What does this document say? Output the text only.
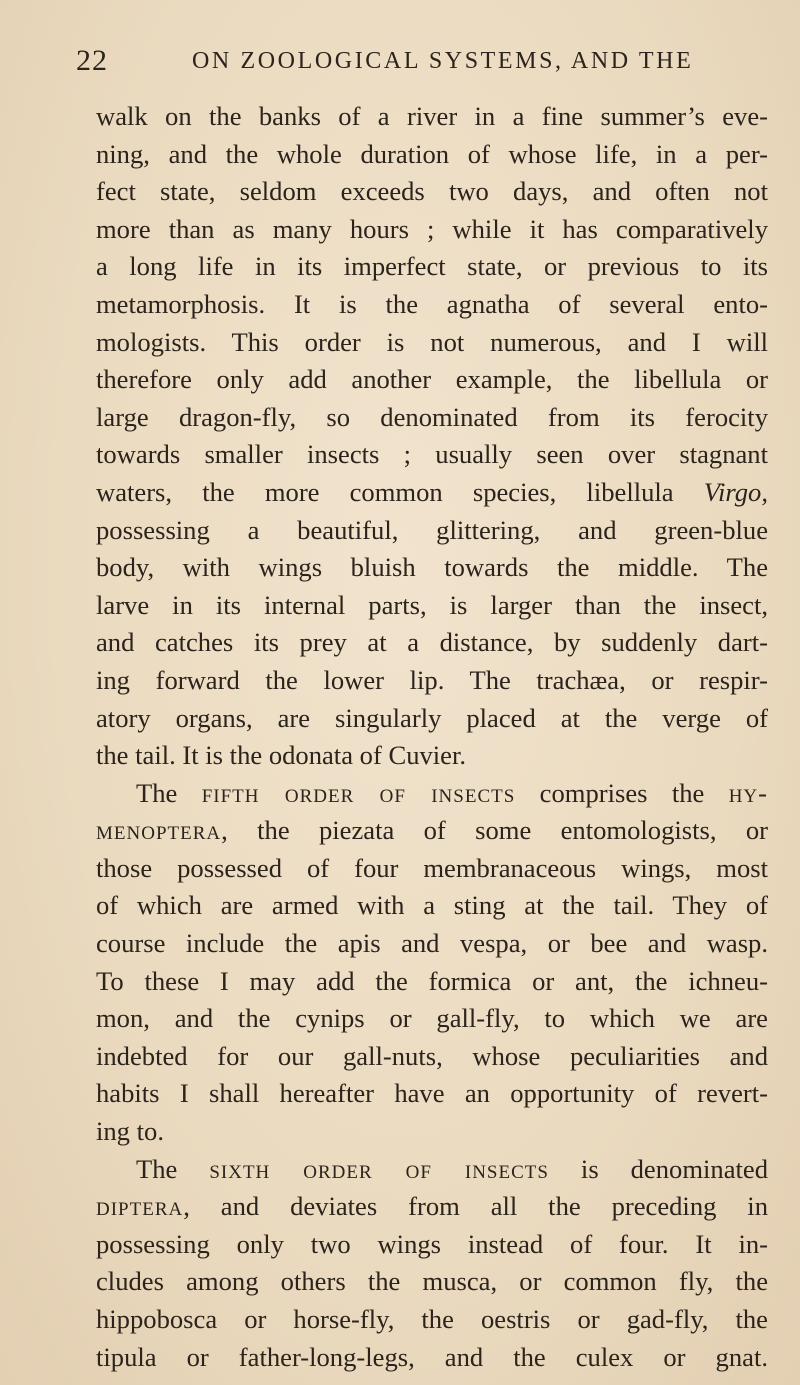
22	ON ZOOLOGICAL SYSTEMS, AND THE
walk on the banks of a river in a fine summer’s eve-
ning, and the whole duration of whose life, in a per-
fect state, seldom exceeds two days, and often not
more than as many hours ; while it has comparatively
a long life in its imperfect state, or previous to its
metamorphosis. It is the agnatha of several ento-
mologists. This order is not numerous, and I will
therefore only add another example, the libellula or
large dragon-fly, so denominated from its ferocity
towards smaller insects ; usually seen over stagnant
waters, the more common species, libellula Virgo,
possessing a beautiful, glittering, and green-blue
body, with wings bluish towards the middle. The
larve in its internal parts, is larger than the insect,
and catches its prey at a distance, by suddenly dart-
ing forward the lower lip. The trachæa, or respir-
atory organs, are singularly placed at the verge of
the tail. It is the odonata of Cuvier.
The fifth order of insects comprises the hy-
menoptera, the piezata of some entomologists, or
those possessed of four membranaceous wings, most
of which are armed with a sting at the tail. They of
course include the apis and vespa, or bee and wasp.
To these I may add the formica or ant, the ichneu-
mon, and the cynips or gall-fly, to which we are
indebted for our gall-nuts, whose peculiarities and
habits I shall hereafter have an opportunity of revert-
ing to.
The sixth order of insects is denominated
diptera, and deviates from all the preceding in
possessing only two wings instead of four. It in-
cludes among others the musca, or common fly, the
hippobosca or horse-fly, the oestris or gad-fly, the
tipula or father-long-legs, and the culex or gnat.
